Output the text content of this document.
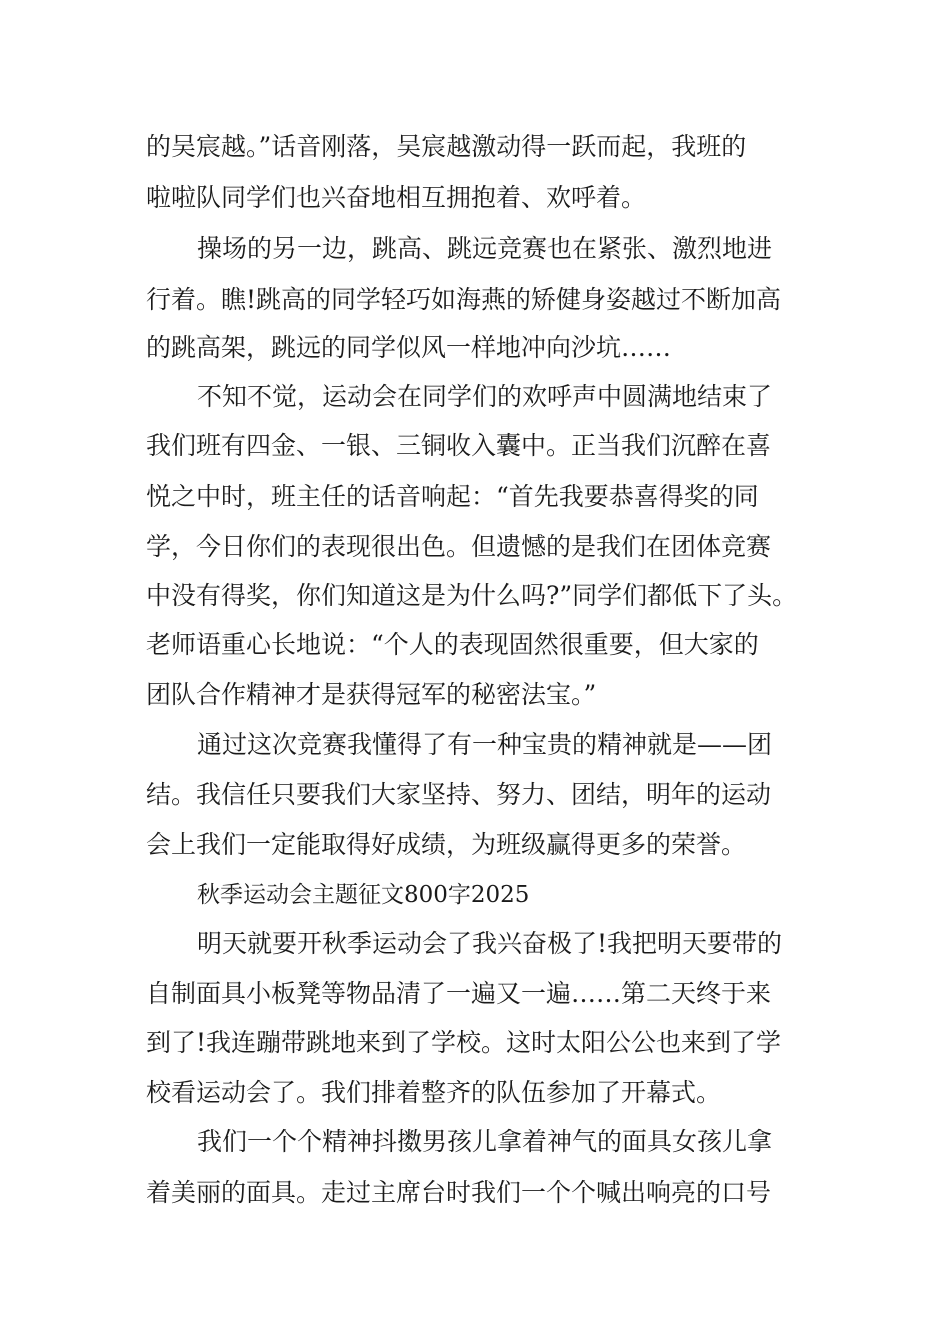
的吴宸越。”话音刚落，吴宸越激动得一跃而起，我班的
啦啦队同学们也兴奋地相互拥抱着、欢呼着。
操场的另一边，跳高、跳远竞赛也在紧张、激烈地进
行着。瞧!跳高的同学轻巧如海燕的矫健身姿越过不断加高
的跳高架，跳远的同学似风一样地冲向沙坑……
不知不觉，运动会在同学们的欢呼声中圆满地结束了
我们班有四金、一银、三铜收入囊中。正当我们沉醉在喜
悦之中时，班主任的话音响起：“首先我要恭喜得奖的同
学，今日你们的表现很出色。但遗憾的是我们在团体竞赛
中没有得奖，你们知道这是为什么吗?”同学们都低下了头。
老师语重心长地说：“个人的表现固然很重要，但大家的
团队合作精神才是获得冠军的秘密法宝。”
通过这次竞赛我懂得了有一种宝贵的精神就是——团
结。我信任只要我们大家坚持、努力、团结，明年的运动
会上我们一定能取得好成绩，为班级赢得更多的荣誉。
秋季运动会主题征文800字2025
明天就要开秋季运动会了我兴奋极了!我把明天要带的
自制面具小板凳等物品清了一遍又一遍……第二天终于来
到了!我连蹦带跳地来到了学校。这时太阳公公也来到了学
校看运动会了。我们排着整齐的队伍参加了开幕式。
我们一个个精神抖擞男孩儿拿着神气的面具女孩儿拿
着美丽的面具。走过主席台时我们一个个喊出响亮的口号
